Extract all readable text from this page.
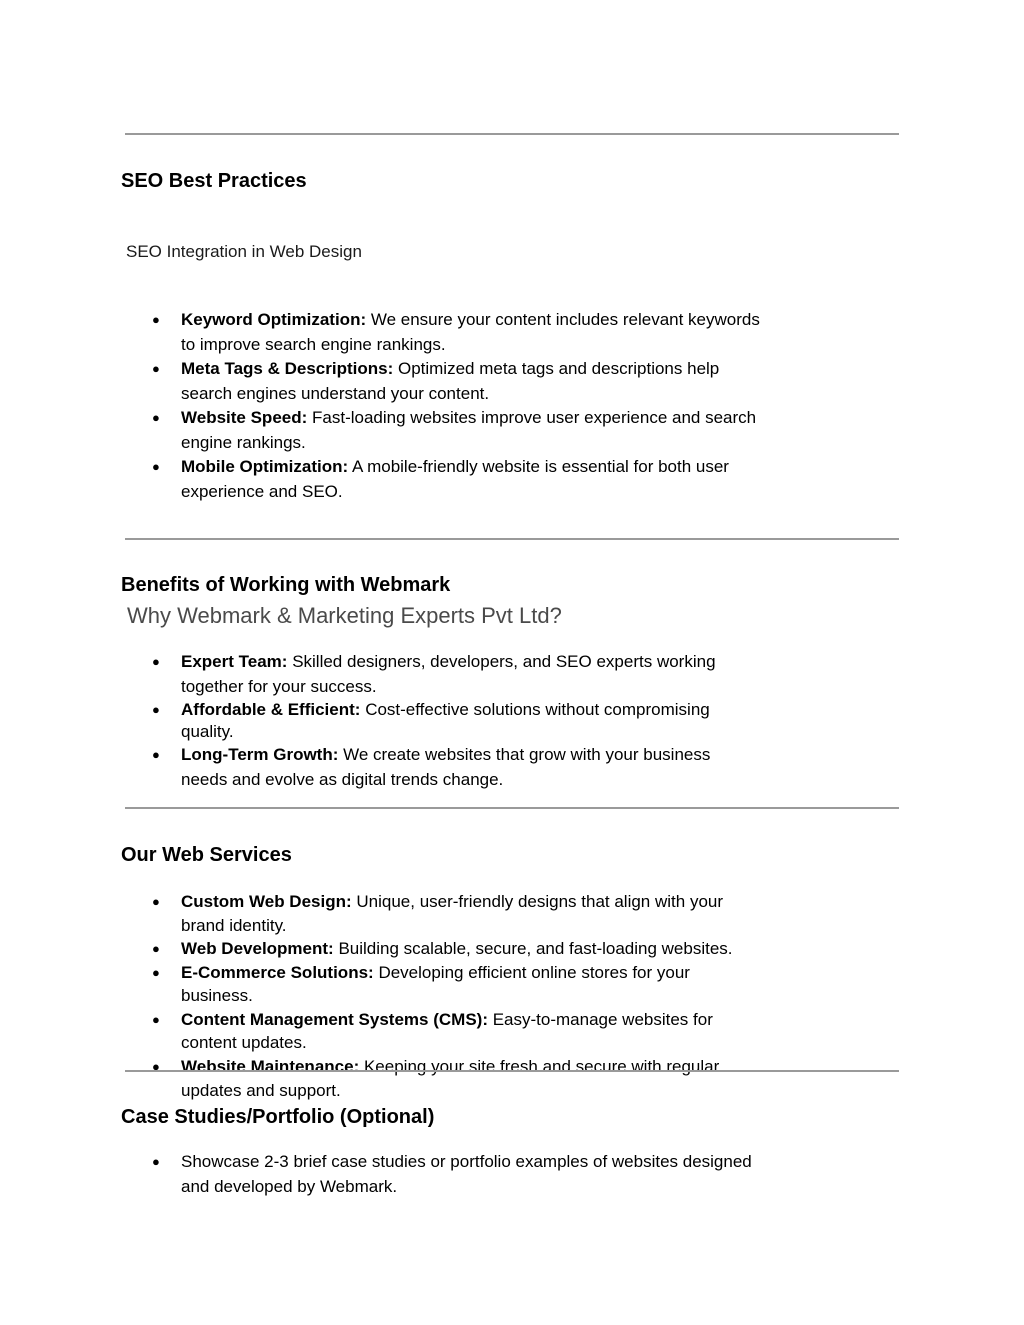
SEO Best Practices
SEO Integration in Web Design
● Keyword Optimization: We ensure your content includes relevant keywords to improve search engine rankings.
● Meta Tags & Descriptions: Optimized meta tags and descriptions help search engines understand your content.
● Website Speed: Fast-loading websites improve user experience and search engine rankings.
● Mobile Optimization: A mobile-friendly website is essential for both user experience and SEO.
Benefits of Working with Webmark
Why Webmark & Marketing Experts Pvt Ltd?
● Expert Team: Skilled designers, developers, and SEO experts working together for your success.
● Affordable & Efficient: Cost-effective solutions without compromising quality.
● Long-Term Growth: We create websites that grow with your business needs and evolve as digital trends change.
Our Web Services
● Custom Web Design: Unique, user-friendly designs that align with your brand identity.
● Web Development: Building scalable, secure, and fast-loading websites.
● E-Commerce Solutions: Developing efficient online stores for your business.
● Content Management Systems (CMS): Easy-to-manage websites for content updates.
● Website Maintenance: Keeping your site fresh and secure with regular updates and support.
Case Studies/Portfolio (Optional)
● Showcase 2-3 brief case studies or portfolio examples of websites designed and developed by Webmark.
